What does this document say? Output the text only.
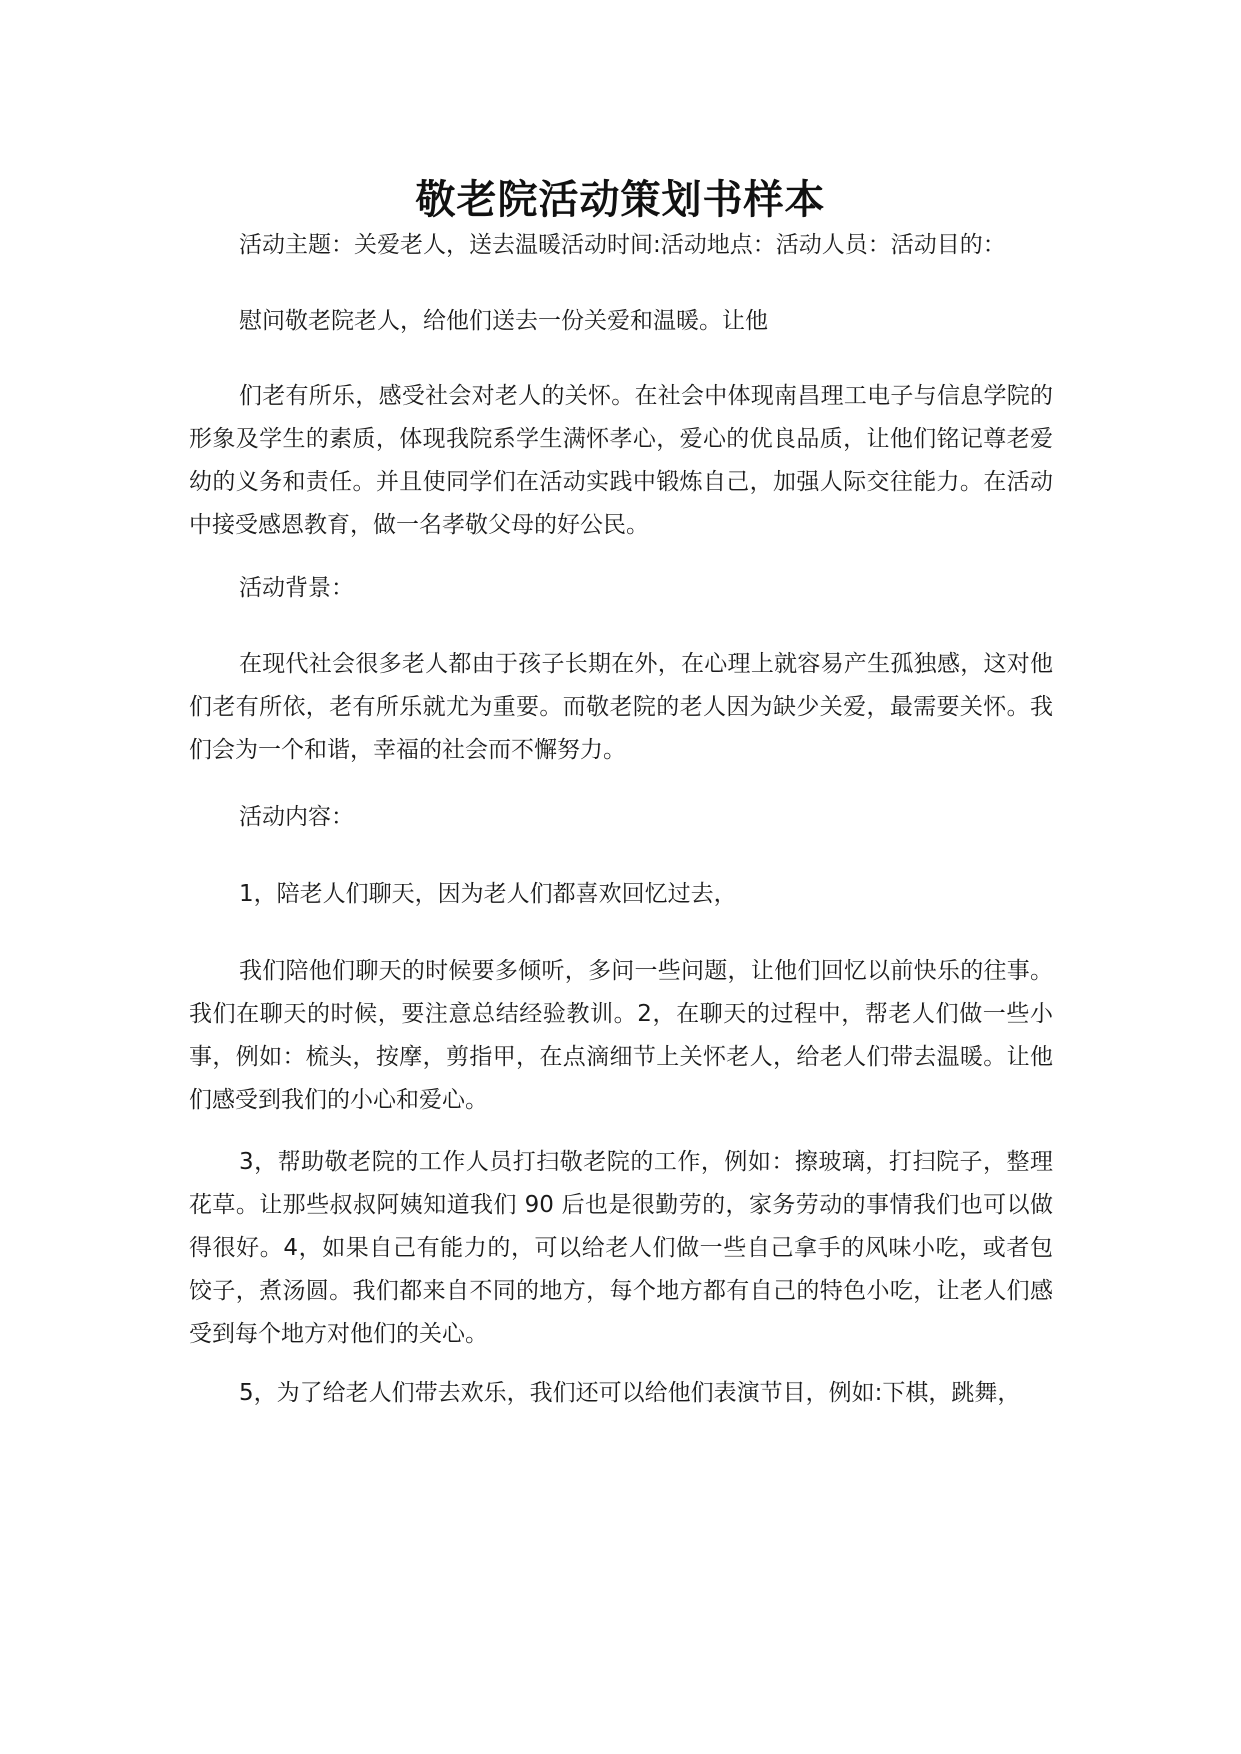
敬老院活动策划书样本

活动主题：关爱老人，送去温暖活动时间:活动地点：活动人员：活动目的：

慰问敬老院老人，给他们送去一份关爱和温暖。让他

们老有所乐，感受社会对老人的关怀。在社会中体现南昌理工电子与信息学院的形象及学生的素质，体现我院系学生满怀孝心，爱心的优良品质，让他们铭记尊老爱幼的义务和责任。并且使同学们在活动实践中锻炼自己，加强人际交往能力。在活动中接受感恩教育，做一名孝敬父母的好公民。

活动背景：

在现代社会很多老人都由于孩子长期在外，在心理上就容易产生孤独感，这对他们老有所依，老有所乐就尤为重要。而敬老院的老人因为缺少关爱，最需要关怀。我们会为一个和谐，幸福的社会而不懈努力。

活动内容：

1，陪老人们聊天，因为老人们都喜欢回忆过去，

我们陪他们聊天的时候要多倾听，多问一些问题，让他们回忆以前快乐的往事。我们在聊天的时候，要注意总结经验教训。2，在聊天的过程中，帮老人们做一些小事，例如：梳头，按摩，剪指甲，在点滴细节上关怀老人，给老人们带去温暖。让他们感受到我们的小心和爱心。

3，帮助敬老院的工作人员打扫敬老院的工作，例如：擦玻璃，打扫院子，整理花草。让那些叔叔阿姨知道我们 90 后也是很勤劳的，家务劳动的事情我们也可以做得很好。4，如果自己有能力的，可以给老人们做一些自己拿手的风味小吃，或者包饺子，煮汤圆。我们都来自不同的地方，每个地方都有自己的特色小吃，让老人们感受到每个地方对他们的关心。

5，为了给老人们带去欢乐，我们还可以给他们表演节目，例如:下棋，跳舞，
